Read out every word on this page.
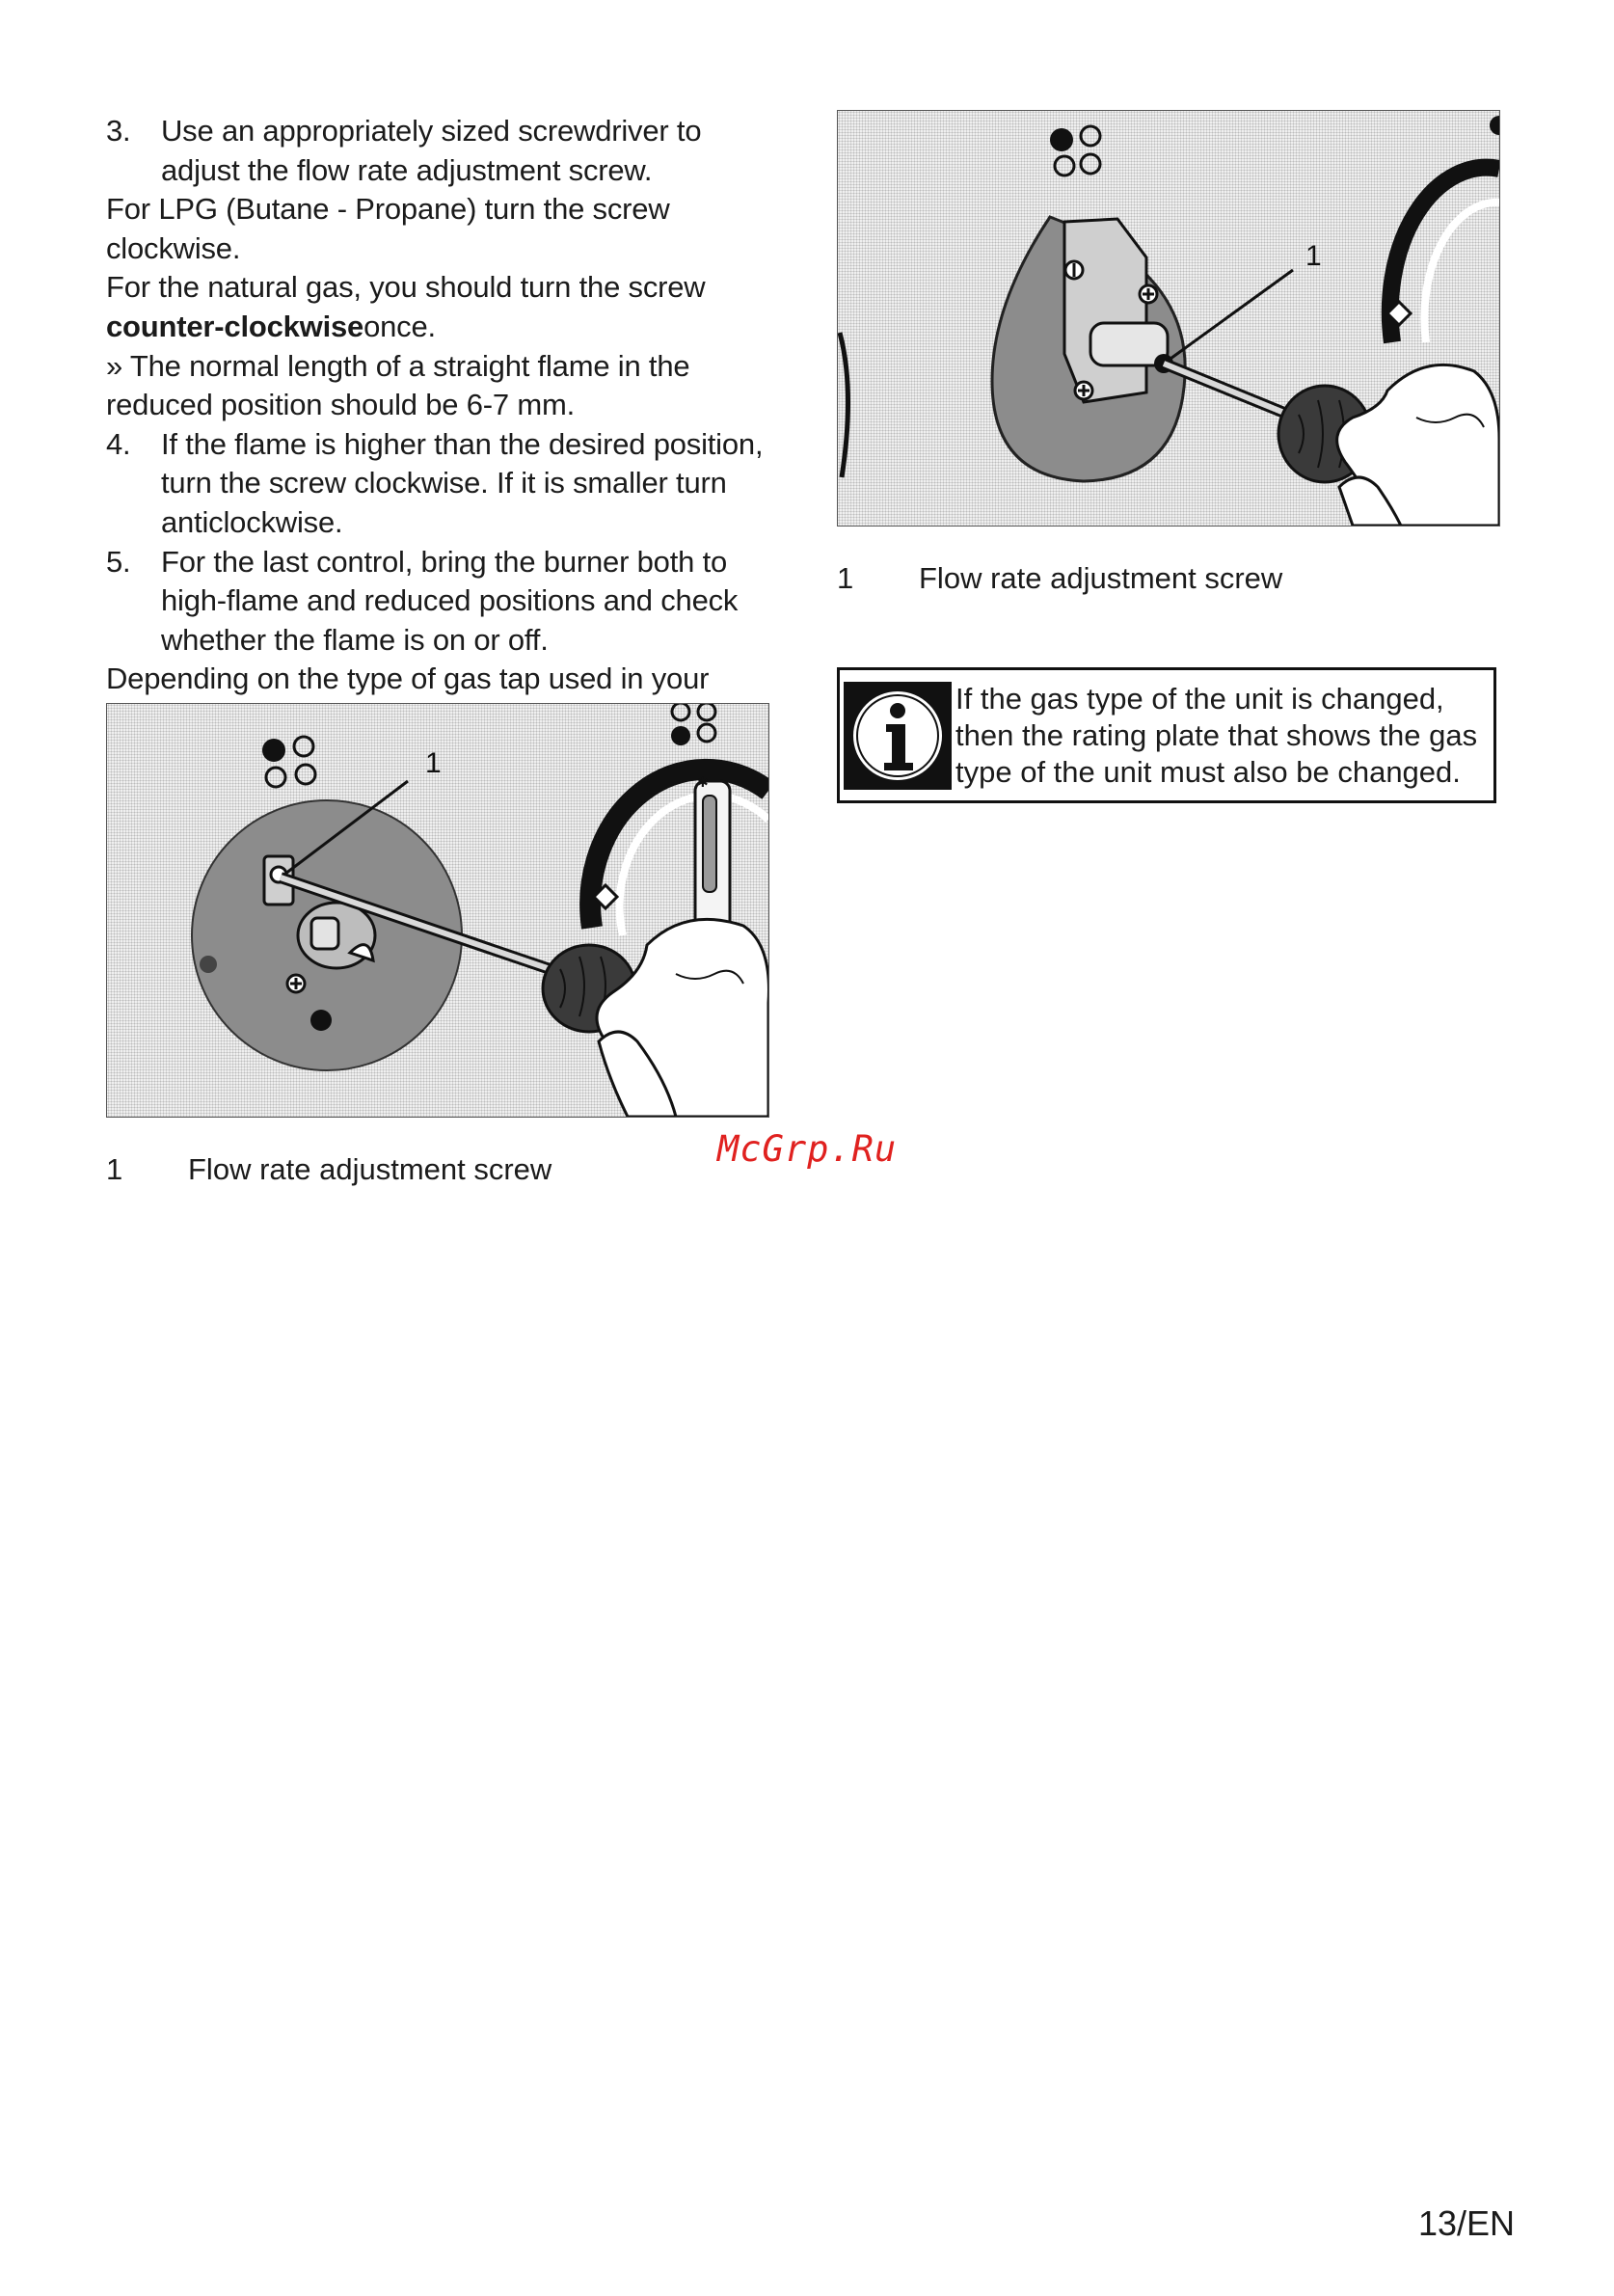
3.	Use an appropriately sized screwdriver to adjust the flow rate adjustment screw.
For LPG (Butane - Propane) turn the screw clockwise.
For the natural gas, you should turn the screw
counter-clockwiseonce.
» The normal length of a straight flame in the reduced position should be 6-7 mm.
4.	If the flame is higher than the desired position, turn the screw clockwise. If it is smaller turn anticlockwise.
5.	For the last control, bring the burner both to high-flame and reduced positions and check whether the flame is on or off.
Depending on the type of gas tap used in your
1
✱
1	Flow rate adjustment screw
1
1	Flow rate adjustment screw
If the gas type of the unit is changed, then the rating plate that shows the gas type of the unit must also be changed.
McGrp.Ru
13/EN
